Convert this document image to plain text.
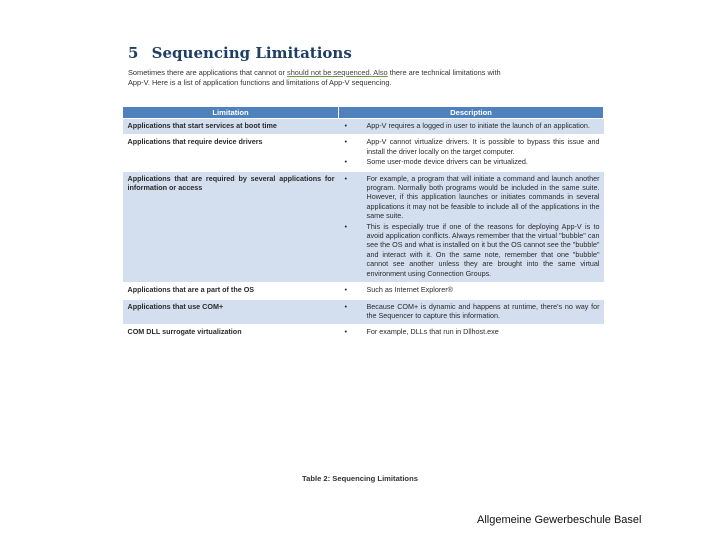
5 Sequencing Limitations
Sometimes there are applications that cannot or should not be sequenced. Also there are technical limitations with
App-V. Here is a list of application functions and limitations of App-V sequencing.
Limitation	Description
Applications that start services at boot time	• App-V requires a logged in user to initiate the launch of an application.

Applications that require device drivers	• App-V cannot virtualize drivers. It is possible to bypass this issue and install the driver locally on the target computer.
• Some user-mode device drivers can be virtualized.

Applications that are required by several applications for information or access	• For example, a program that will initiate a command and launch another program. Normally both programs would be included in the same suite. However, if this application launches or initiates commands in several applications it may not be feasible to include all of the applications in the same suite.
• This is especially true if one of the reasons for deploying App-V is to avoid application conflicts. Always remember that the virtual "bubble" can see the OS and what is installed on it but the OS cannot see the "bubble" and interact with it. On the same note, remember that one "bubble" cannot see another unless they are brought into the same virtual environment using Connection Groups.

Applications that are a part of the OS	• Such as Internet Explorer®

Applications that use COM+	• Because COM+ is dynamic and happens at runtime, there's no way for the Sequencer to capture this information.

COM DLL surrogate virtualization	• For example, DLLs that run in Dllhost.exe
Table 2: Sequencing Limitations
Allgemeine Gewerbeschule Basel
